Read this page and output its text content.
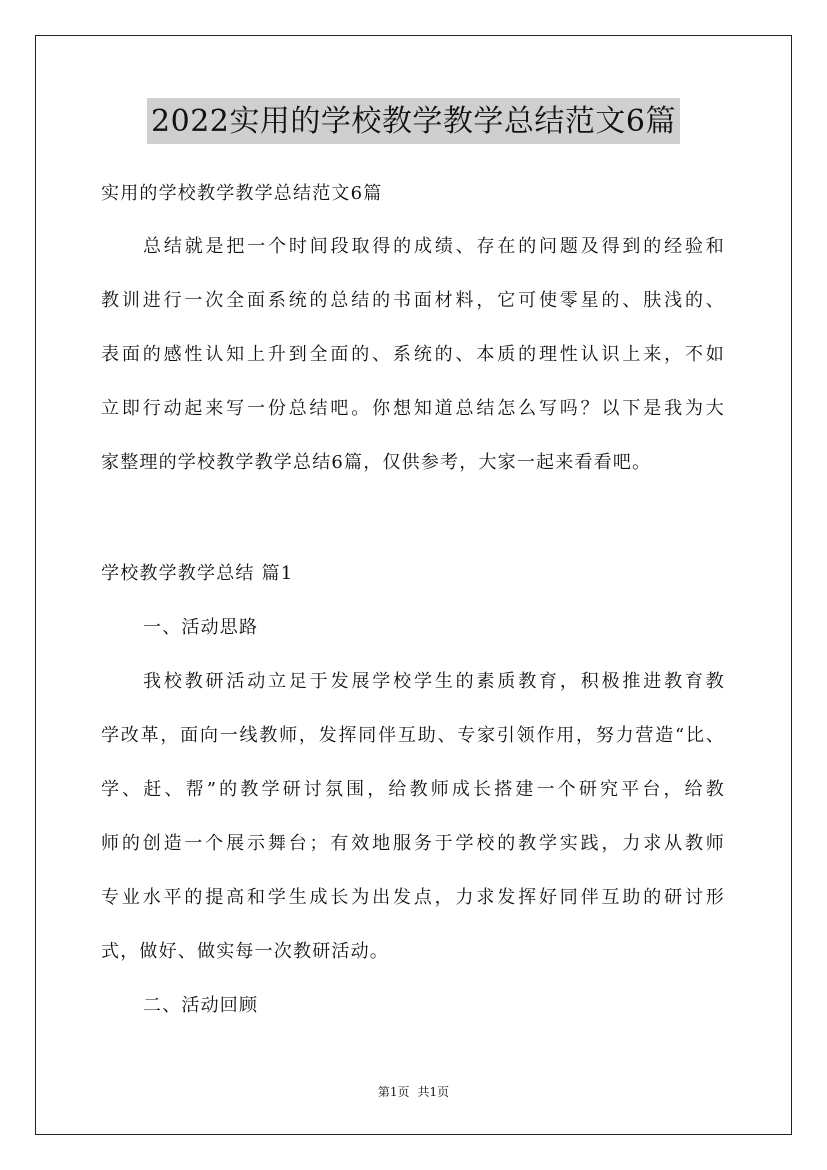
2022实用的学校教学教学总结范文6篇
实用的学校教学教学总结范文6篇
总结就是把一个时间段取得的成绩、存在的问题及得到的经验和
教训进行一次全面系统的总结的书面材料，它可使零星的、肤浅的、
表面的感性认知上升到全面的、系统的、本质的理性认识上来，不如
立即行动起来写一份总结吧。你想知道总结怎么写吗？以下是我为大
家整理的学校教学教学总结6篇，仅供参考，大家一起来看看吧。
学校教学教学总结 篇1
一、活动思路
我校教研活动立足于发展学校学生的素质教育，积极推进教育教
学改革，面向一线教师，发挥同伴互助、专家引领作用，努力营造“比、
学、赶、帮”的教学研讨氛围，给教师成长搭建一个研究平台，给教
师的创造一个展示舞台；有效地服务于学校的教学实践，力求从教师
专业水平的提高和学生成长为出发点，力求发挥好同伴互助的研讨形
式，做好、做实每一次教研活动。
二、活动回顾
第1页 共1页
